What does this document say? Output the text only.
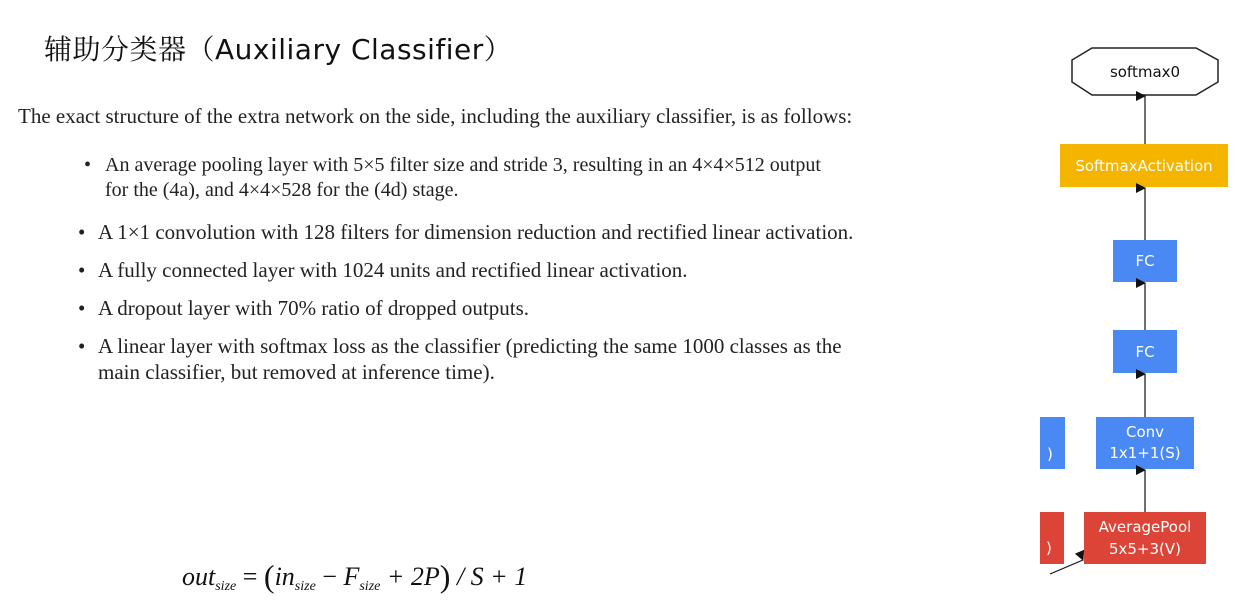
辅助分类器（Auxiliary Classifier）
The exact structure of the extra network on the side, including the auxiliary classifier, is as follows:
• An average pooling layer with 5×5 filter size and stride 3, resulting in an 4×4×512 output
for the (4a), and 4×4×528 for the (4d) stage.
• A 1×1 convolution with 128 filters for dimension reduction and rectified linear activation.
• A fully connected layer with 1024 units and rectified linear activation.
• A dropout layer with 70% ratio of dropped outputs.
• A linear layer with softmax loss as the classifier (predicting the same 1000 classes as the
main classifier, but removed at inference time).
$out_{size} = (in_{size} - F_{size} + 2P) / S + 1$
)
)
softmax0
SoftmaxActivation
FC
FC
Conv
1x1+1(S)
AveragePool
5x5+3(V)
